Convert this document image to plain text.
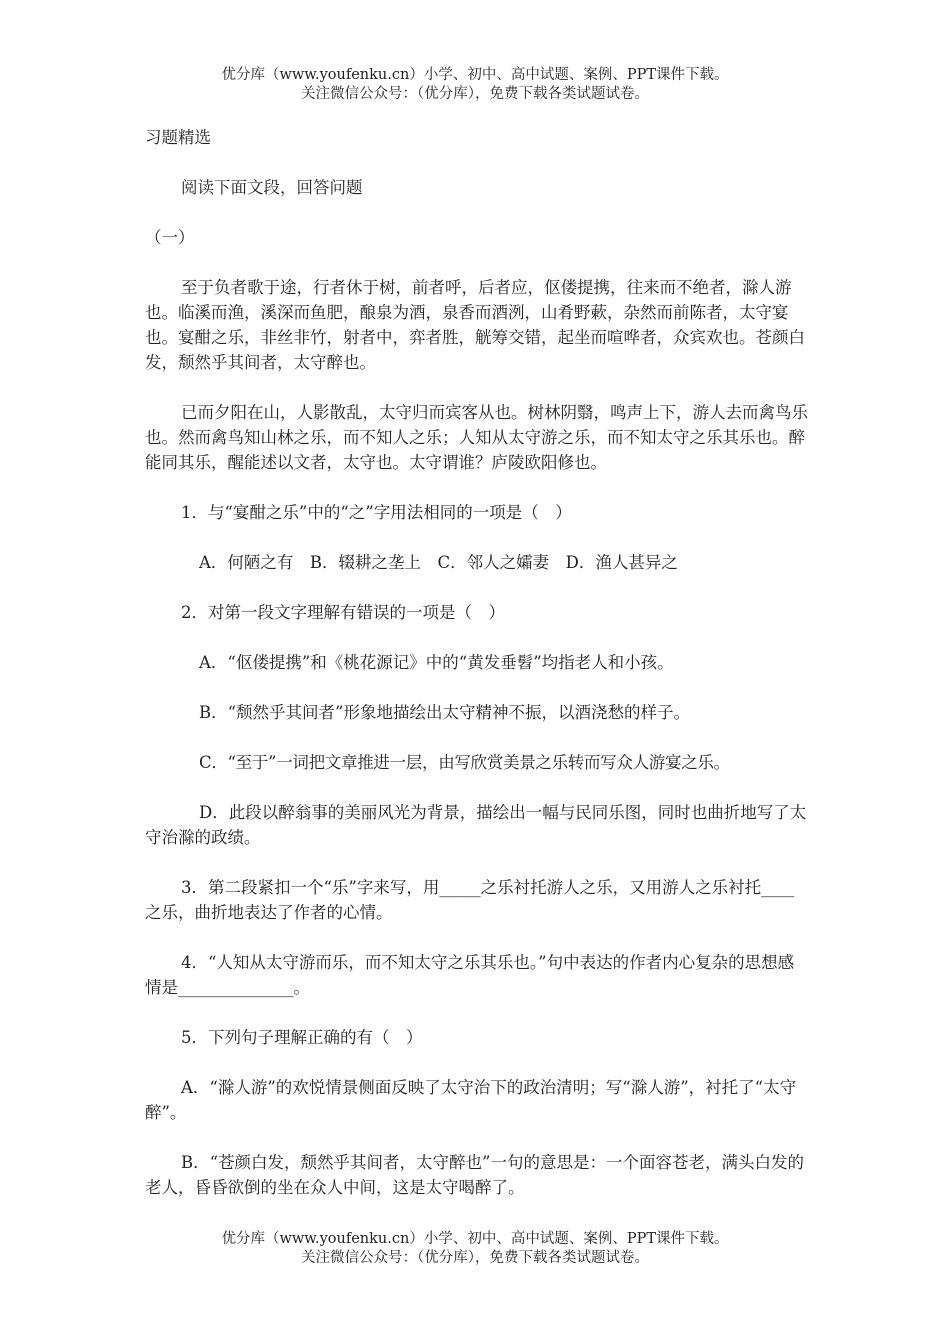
优分库（www.youfenku.cn）小学、初中、高中试题、案例、PPT课件下载。
关注微信公众号：（优分库），免费下载各类试题试卷。

习题精选

阅读下面文段，回答问题

（一）

至于负者歌于途，行者休于树，前者呼，后者应，伛偻提携，往来而不绝者，滁人游也。临溪而渔，溪深而鱼肥，酿泉为酒，泉香而酒洌，山肴野蔌，杂然而前陈者，太守宴也。宴酣之乐，非丝非竹，射者中，弈者胜，觥筹交错，起坐而喧哗者，众宾欢也。苍颜白发，颓然乎其间者，太守醉也。

已而夕阳在山，人影散乱，太守归而宾客从也。树林阴翳，鸣声上下，游人去而禽鸟乐也。然而禽鸟知山林之乐，而不知人之乐；人知从太守游之乐，而不知太守之乐其乐也。醉能同其乐，醒能述以文者，太守也。太守谓谁？庐陵欧阳修也。

1．与“宴酣之乐”中的“之”字用法相同的一项是（　）

A．何陋之有　B．辍耕之垄上　C．邻人之孀妻　D．渔人甚异之

2．对第一段文字理解有错误的一项是（　）

A．“伛偻提携”和《桃花源记》中的“黄发垂髫”均指老人和小孩。

B．“颓然乎其间者”形象地描绘出太守精神不振，以酒浇愁的样子。

C．“至于”一词把文章推进一层，由写欣赏美景之乐转而写众人游宴之乐。

D．此段以醉翁事的美丽风光为背景，描绘出一幅与民同乐图，同时也曲折地写了太守治滁的政绩。

3．第二段紧扣一个“乐”字来写，用_____之乐衬托游人之乐，又用游人之乐衬托____之乐，曲折地表达了作者的心情。

4．“人知从太守游而乐，而不知太守之乐其乐也。”句中表达的作者内心复杂的思想感情是______________。

5．下列句子理解正确的有（　）

A．“滁人游”的欢悦情景侧面反映了太守治下的政治清明；写“滁人游”，衬托了“太守醉”。

B．“苍颜白发，颓然乎其间者，太守醉也”一句的意思是：一个面容苍老，满头白发的老人，昏昏欲倒的坐在众人中间，这是太守喝醉了。

优分库（www.youfenku.cn）小学、初中、高中试题、案例、PPT课件下载。
关注微信公众号：（优分库），免费下载各类试题试卷。
